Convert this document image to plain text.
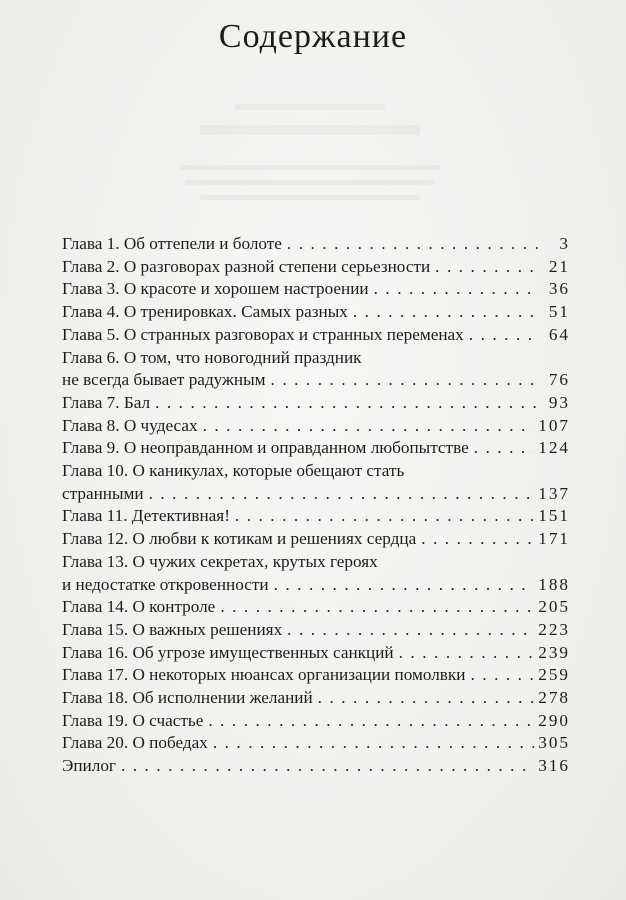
Содержание
Глава 1. Об оттепели и болоте . . .	3
Глава 2. О разговорах разной степени серьезности . . .	21
Глава 3. О красоте и хорошем настроении . . .	36
Глава 4. О тренировках. Самых разных . . .	51
Глава 5. О странных разговорах и странных переменах . . .	64
Глава 6. О том, что новогодний праздник
не всегда бывает радужным . . .	76
Глава 7. Бал . . .	93
Глава 8. О чудесах . . .	107
Глава 9. О неоправданном и оправданном любопытстве . . .	124
Глава 10. О каникулах, которые обещают стать
странными . . .	137
Глава 11. Детективная! . . .	151
Глава 12. О любви к котикам и решениях сердца . . .	171
Глава 13. О чужих секретах, крутых героях
и недостатке откровенности . . .	188
Глава 14. О контроле . . .	205
Глава 15. О важных решениях . . .	223
Глава 16. Об угрозе имущественных санкций . . .	239
Глава 17. О некоторых нюансах организации помолвки . . .	259
Глава 18. Об исполнении желаний . . .	278
Глава 19. О счастье . . .	290
Глава 20. О победах . . .	305
Эпилог . . .	316
